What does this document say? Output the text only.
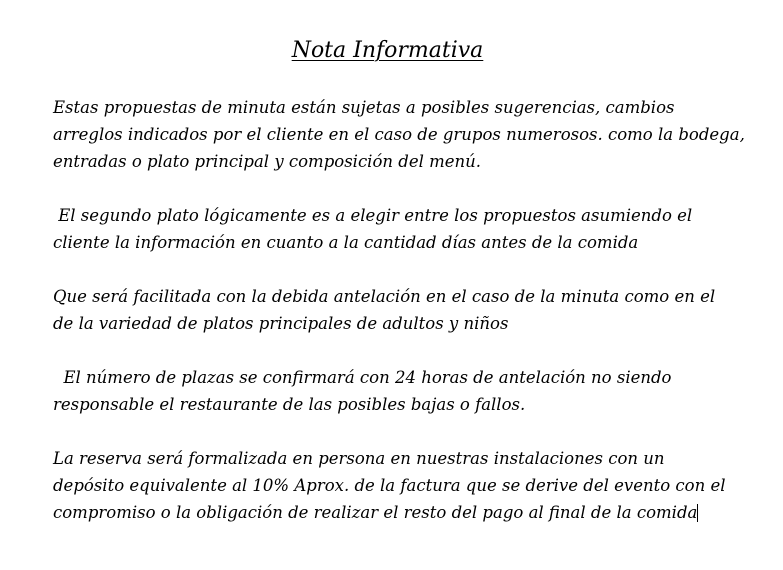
Nota Informativa
Estas propuestas de minuta están sujetas a posibles sugerencias, cambios
arreglos indicados por el cliente en el caso de grupos numerosos. como la bodega,
entradas o plato principal y composición del menú.
El segundo plato lógicamente es a elegir entre los propuestos asumiendo el
cliente la información en cuanto a la cantidad días antes de la comida
Que será facilitada con la debida antelación en el caso de la minuta como en el
de la variedad de platos principales de adultos y niños
El número de plazas se confirmará con 24 horas de antelación no siendo
responsable el restaurante de las posibles bajas o fallos.
La reserva será formalizada en persona en nuestras instalaciones con un
depósito equivalente al 10% Aprox. de la factura que se derive del evento con el
compromiso o la obligación de realizar el resto del pago al final de la comida
